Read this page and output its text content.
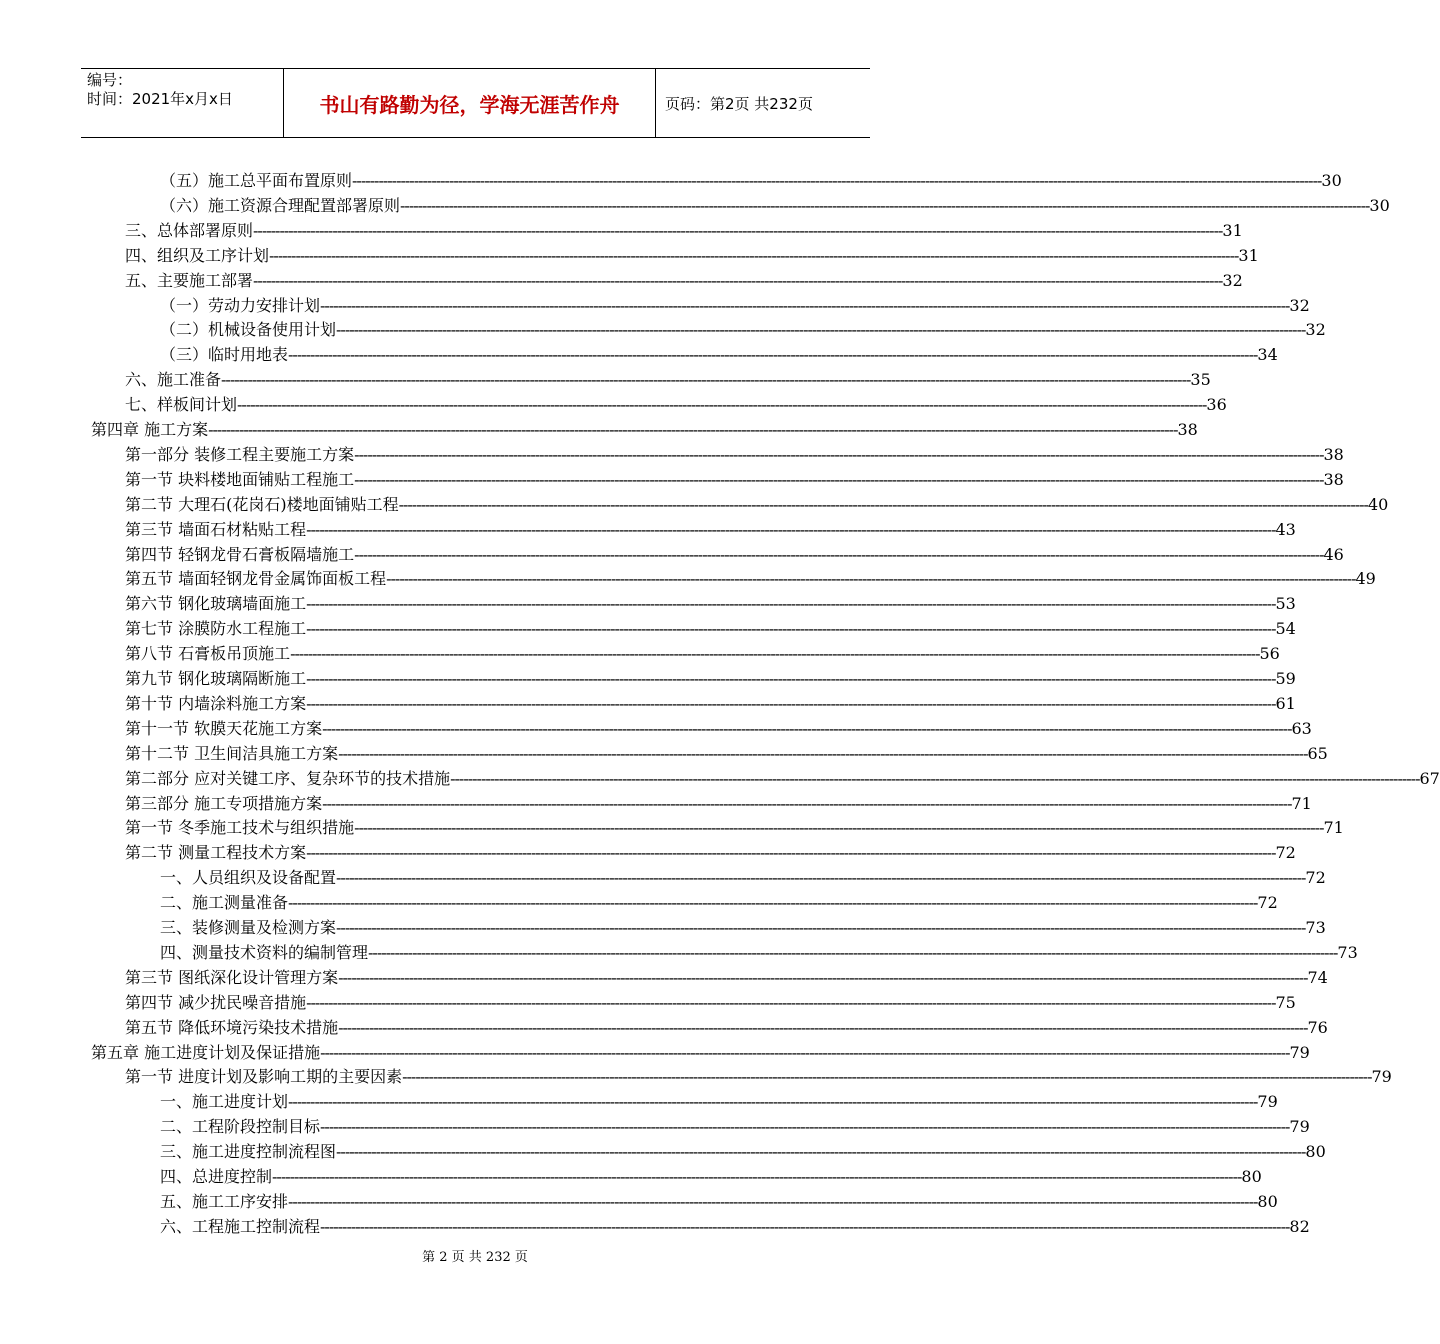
编号：
时间：2021年x月x日	书山有路勤为径，学海无涯苦作舟	页码：第2页 共232页
（五）施工总平面布置原则 ---------------------------------------------------------------------------------------------------------------------------------------------------------------------------------------------------------------------------- 30
（六）施工资源合理配置部署原则 ---------------------------------------------------------------------------------------------------------------------------------------------------------------------------------------------------------------------------- 30
三、总体部署原则 ---------------------------------------------------------------------------------------------------------------------------------------------------------------------------------------------------------------------------- 31
四、组织及工序计划 ---------------------------------------------------------------------------------------------------------------------------------------------------------------------------------------------------------------------------- 31
五、主要施工部署 ---------------------------------------------------------------------------------------------------------------------------------------------------------------------------------------------------------------------------- 32
（一）劳动力安排计划 ---------------------------------------------------------------------------------------------------------------------------------------------------------------------------------------------------------------------------- 32
（二）机械设备使用计划 ---------------------------------------------------------------------------------------------------------------------------------------------------------------------------------------------------------------------------- 32
（三）临时用地表 ---------------------------------------------------------------------------------------------------------------------------------------------------------------------------------------------------------------------------- 34
六、施工准备 ---------------------------------------------------------------------------------------------------------------------------------------------------------------------------------------------------------------------------- 35
七、样板间计划 ---------------------------------------------------------------------------------------------------------------------------------------------------------------------------------------------------------------------------- 36
第四章 施工方案 ---------------------------------------------------------------------------------------------------------------------------------------------------------------------------------------------------------------------------- 38
第一部分 装修工程主要施工方案 ---------------------------------------------------------------------------------------------------------------------------------------------------------------------------------------------------------------------------- 38
第一节 块料楼地面铺贴工程施工 ---------------------------------------------------------------------------------------------------------------------------------------------------------------------------------------------------------------------------- 38
第二节 大理石(花岗石)楼地面铺贴工程 ---------------------------------------------------------------------------------------------------------------------------------------------------------------------------------------------------------------------------- 40
第三节 墙面石材粘贴工程 ---------------------------------------------------------------------------------------------------------------------------------------------------------------------------------------------------------------------------- 43
第四节 轻钢龙骨石膏板隔墙施工 ---------------------------------------------------------------------------------------------------------------------------------------------------------------------------------------------------------------------------- 46
第五节 墙面轻钢龙骨金属饰面板工程 ---------------------------------------------------------------------------------------------------------------------------------------------------------------------------------------------------------------------------- 49
第六节 钢化玻璃墙面施工 ---------------------------------------------------------------------------------------------------------------------------------------------------------------------------------------------------------------------------- 53
第七节 涂膜防水工程施工 ---------------------------------------------------------------------------------------------------------------------------------------------------------------------------------------------------------------------------- 54
第八节 石膏板吊顶施工 ---------------------------------------------------------------------------------------------------------------------------------------------------------------------------------------------------------------------------- 56
第九节 钢化玻璃隔断施工 ---------------------------------------------------------------------------------------------------------------------------------------------------------------------------------------------------------------------------- 59
第十节 内墙涂料施工方案 ---------------------------------------------------------------------------------------------------------------------------------------------------------------------------------------------------------------------------- 61
第十一节 软膜天花施工方案 ---------------------------------------------------------------------------------------------------------------------------------------------------------------------------------------------------------------------------- 63
第十二节 卫生间洁具施工方案 ---------------------------------------------------------------------------------------------------------------------------------------------------------------------------------------------------------------------------- 65
第二部分 应对关键工序、复杂环节的技术措施 ---------------------------------------------------------------------------------------------------------------------------------------------------------------------------------------------------------------------------- 67
第三部分 施工专项措施方案 ---------------------------------------------------------------------------------------------------------------------------------------------------------------------------------------------------------------------------- 71
第一节 冬季施工技术与组织措施 ---------------------------------------------------------------------------------------------------------------------------------------------------------------------------------------------------------------------------- 71
第二节 测量工程技术方案 ---------------------------------------------------------------------------------------------------------------------------------------------------------------------------------------------------------------------------- 72
一、人员组织及设备配置 ---------------------------------------------------------------------------------------------------------------------------------------------------------------------------------------------------------------------------- 72
二、施工测量准备 ---------------------------------------------------------------------------------------------------------------------------------------------------------------------------------------------------------------------------- 72
三、装修测量及检测方案 ---------------------------------------------------------------------------------------------------------------------------------------------------------------------------------------------------------------------------- 73
四、测量技术资料的编制管理 ---------------------------------------------------------------------------------------------------------------------------------------------------------------------------------------------------------------------------- 73
第三节 图纸深化设计管理方案 ---------------------------------------------------------------------------------------------------------------------------------------------------------------------------------------------------------------------------- 74
第四节 减少扰民噪音措施 ---------------------------------------------------------------------------------------------------------------------------------------------------------------------------------------------------------------------------- 75
第五节 降低环境污染技术措施 ---------------------------------------------------------------------------------------------------------------------------------------------------------------------------------------------------------------------------- 76
第五章 施工进度计划及保证措施 ---------------------------------------------------------------------------------------------------------------------------------------------------------------------------------------------------------------------------- 79
第一节 进度计划及影响工期的主要因素 ---------------------------------------------------------------------------------------------------------------------------------------------------------------------------------------------------------------------------- 79
一、施工进度计划 ---------------------------------------------------------------------------------------------------------------------------------------------------------------------------------------------------------------------------- 79
二、工程阶段控制目标 ---------------------------------------------------------------------------------------------------------------------------------------------------------------------------------------------------------------------------- 79
三、施工进度控制流程图 ---------------------------------------------------------------------------------------------------------------------------------------------------------------------------------------------------------------------------- 80
四、总进度控制 ---------------------------------------------------------------------------------------------------------------------------------------------------------------------------------------------------------------------------- 80
五、施工工序安排 ---------------------------------------------------------------------------------------------------------------------------------------------------------------------------------------------------------------------------- 80
六、工程施工控制流程 ---------------------------------------------------------------------------------------------------------------------------------------------------------------------------------------------------------------------------- 82
第 2 页 共 232 页
